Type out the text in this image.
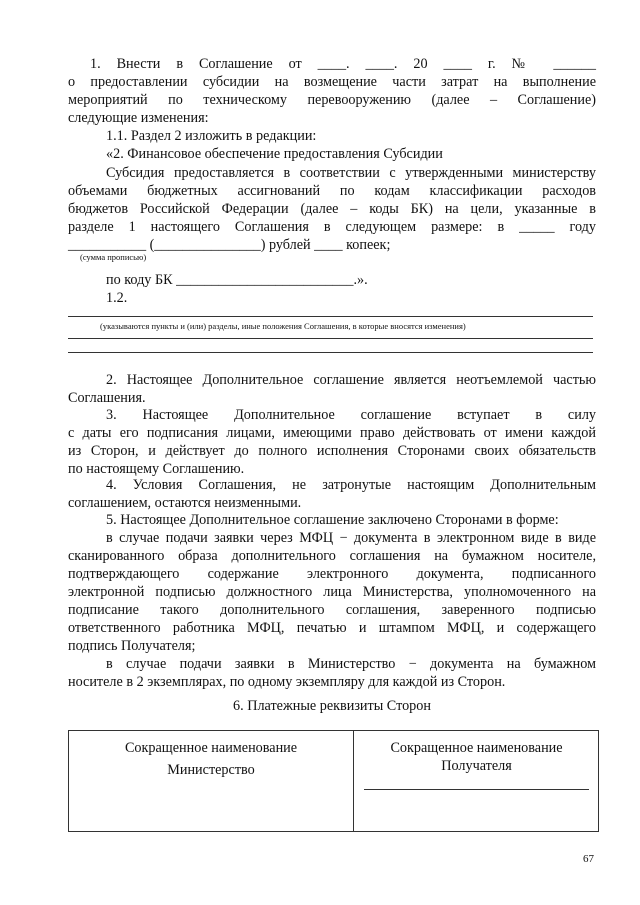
1. Внести в Соглашение от ____. ____. 20 ____ г. № ______

о предоставлении субсидии на возмещение части затрат на выполнение

мероприятий по техническому перевооружению (далее – Соглашение)

следующие изменения:

1.1. Раздел 2 изложить в редакции:

«2. Финансовое обеспечение предоставления Субсидии

Субсидия предоставляется в соответствии с утвержденными министерству

объемами бюджетных ассигнований по кодам классификации расходов

бюджетов Российской Федерации (далее – коды БК) на цели, указанные в

разделе 1 настоящего Соглашения в следующем размере: в _____ году

___________ (_______________) рублей ____ копеек;

(сумма прописью)

по коду БК _________________________.».

1.2.

(указываются пункты и (или) разделы, иные положения Соглашения, в которые вносятся изменения)

2. Настоящее Дополнительное соглашение является неотъемлемой частью

Соглашения.

3. Настоящее Дополнительное соглашение вступает в силу

с даты его подписания лицами, имеющими право действовать от имени каждой

из Сторон, и действует до полного исполнения Сторонами своих обязательств

по настоящему Соглашению.

4. Условия Соглашения, не затронутые настоящим Дополнительным

соглашением, остаются неизменными.

5. Настоящее Дополнительное соглашение заключено Сторонами в форме:

в случае подачи заявки через МФЦ − документа в электронном виде в виде

сканированного образа дополнительного соглашения на бумажном носителе,

подтверждающего содержание электронного документа, подписанного

электронной подписью должностного лица Министерства, уполномоченного на

подписание такого дополнительного соглашения, заверенного подписью

ответственного работника МФЦ, печатью и штампом МФЦ, и содержащего

подпись Получателя;

в случае подачи заявки в Министерство − документа на бумажном

носителе в 2 экземплярах, по одному экземпляру для каждой из Сторон.

6. Платежные реквизиты Сторон

Сокращенное наименование
Министерство
Сокращенное наименование
Получателя
67
